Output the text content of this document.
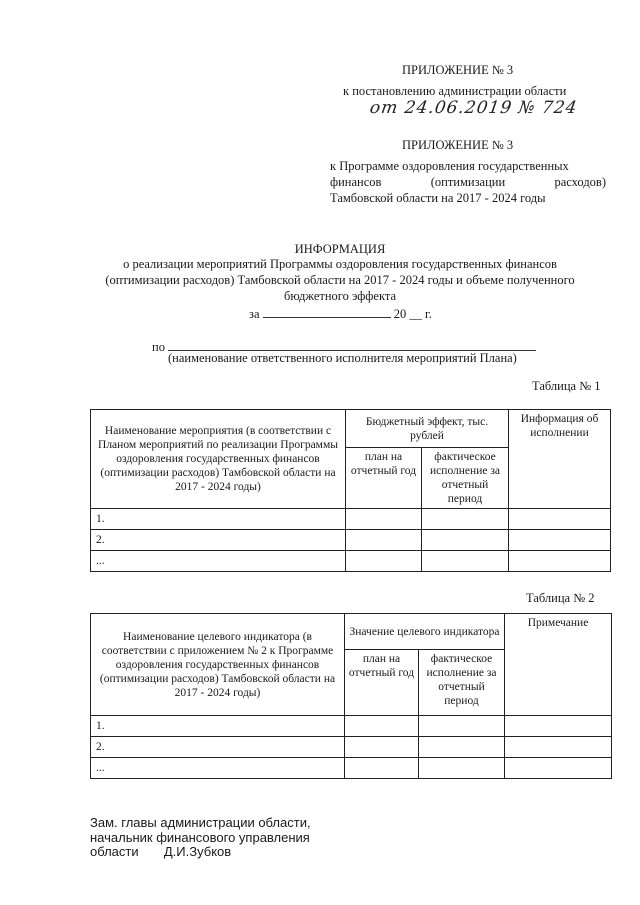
ПРИЛОЖЕНИЕ № 3
к постановлению администрации области
от 24.06.2019 № 724
ПРИЛОЖЕНИЕ № 3
к Программе оздоровления государственных
финансов (оптимизации расходов)
Тамбовской области на 2017 - 2024 годы
ИНФОРМАЦИЯ
о реализации мероприятий Программы оздоровления государственных финансов
(оптимизации расходов) Тамбовской области на 2017 - 2024 годы и объеме полученного
бюджетного эффекта
за	20 __ г.
по
(наименование ответственного исполнителя мероприятий Плана)
Таблица № 1
Наименование мероприятия (в соответствии с Планом мероприятий по реализации Программы оздоровления государственных финансов (оптимизации расходов) Тамбовской области на 2017 - 2024 годы)	Бюджетный эффект, тыс. рублей		Информация об исполнении
	план на отчетный год	фактическое исполнение за отчетный период	
1.			
2.			
...			
Таблица № 2
Наименование целевого индикатора (в соответствии с приложением № 2 к Программе оздоровления государственных финансов (оптимизации расходов) Тамбовской области на 2017 - 2024 годы)	Значение целевого индикатора		Примечание
	план на отчетный год	фактическое исполнение за отчетный период	
1.			
2.			
...			
Зам. главы администрации области,
начальник финансового управления
области Д.И.Зубков
